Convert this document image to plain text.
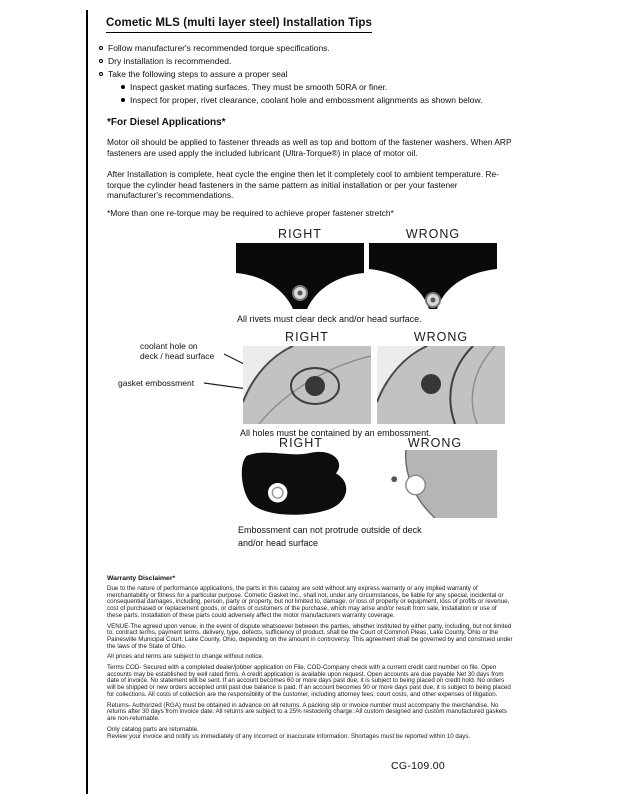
Cometic MLS (multi layer steel) Installation Tips
Follow manufacturer's recommended torque specifications.
Dry installation is recommended.
Take the following steps to assure a proper seal
Inspect gasket mating surfaces. They must be smooth 50RA or finer.
Inspect for proper, rivet clearance, coolant hole and embossment alignments as shown below.
*For Diesel Applications*

Motor oil should be applied to fastener threads as well as top and bottom of the fastener washers. When ARP fasteners are used apply the included lubricant (Ultra-Torque®) in place of motor oil.

After Installation is complete, heat cycle the engine then let it completely cool to ambient temperature. Re-torque the cylinder head fasteners in the same pattern as initial installation or per your fastener manufacturer's recommendations.

*More than one re-torque may be required to achieve proper fastener stretch*

RIGHT	WRONG
All rivets must clear deck and/or head surface.
RIGHT	WRONG
coolant hole on
deck / head surface
gasket embossment
All holes must be contained by an embossment.
RIGHT	WRONG
Embossment can not protrude outside of deck
and/or head surface
Warranty Disclaimer*

Due to the nature of performance applications, the parts in this catalog are sold without any express warranty or any implied warranty of merchantability or fitness for a particular purpose. Cometic Gasket Inc., shall not, under any circumstances, be liable for any special, incidental or consequential damages, including, person, party or property, but not limited to, damage, or loss of property or equipment, loss of profits or revenue, cost of purchased or replacement goods, or claims of customers of the purchase, which may arise and/or result from sale, installation or use of these parts. Installation of these parts could adversely affect the motor manufacturers warranty coverage.

VENUE-The agreed upon venue, in the event of dispute whatsoever between the parties, whether instituted by either party, including, but not limited to, contract terms, payment terms, delivery, type, defects, sufficiency of product, shall be the Court of Common Pleas, Lake County, Ohio or the Painesville Municipal Court, Lake County, Ohio, depending on the amount in controversy. This agreement shall be governed by and construed under the laws of the State of Ohio.

All prices and terms are subject to change without notice.

Terms COD- Secured with a completed dealer/jobber application on File, COD-Company check with a current credit card number on file. Open accounts may be established by well rated firms. A credit application is available upon request. Open accounts are due payable Net 30 days from date of invoice. No statement will be sent. If an account becomes 60 or more days past due, it is subject to being placed on credit hold. No orders will be shipped or new orders accepted until past due balance is paid. If an account becomes 90 or more days past due, it is subject to being placed for collections. All costs of collection are the responsibility of the customer, including attorney fees, court costs, and other expenses of litigation.

Returns- Authorized (RGA) must be obtained in advance on all returns. A packing slip or invoice number must accompany the merchandise. No returns after 30 days from invoice date. All returns are subject to a 25% restocking charge. All custom designed and custom manufactured gaskets are non-returnable.

Only catalog parts are returnable.

Review your invoice and notify us immediately of any incorrect or inaccurate information. Shortages must be reported within 10 days.

CG-109.00
